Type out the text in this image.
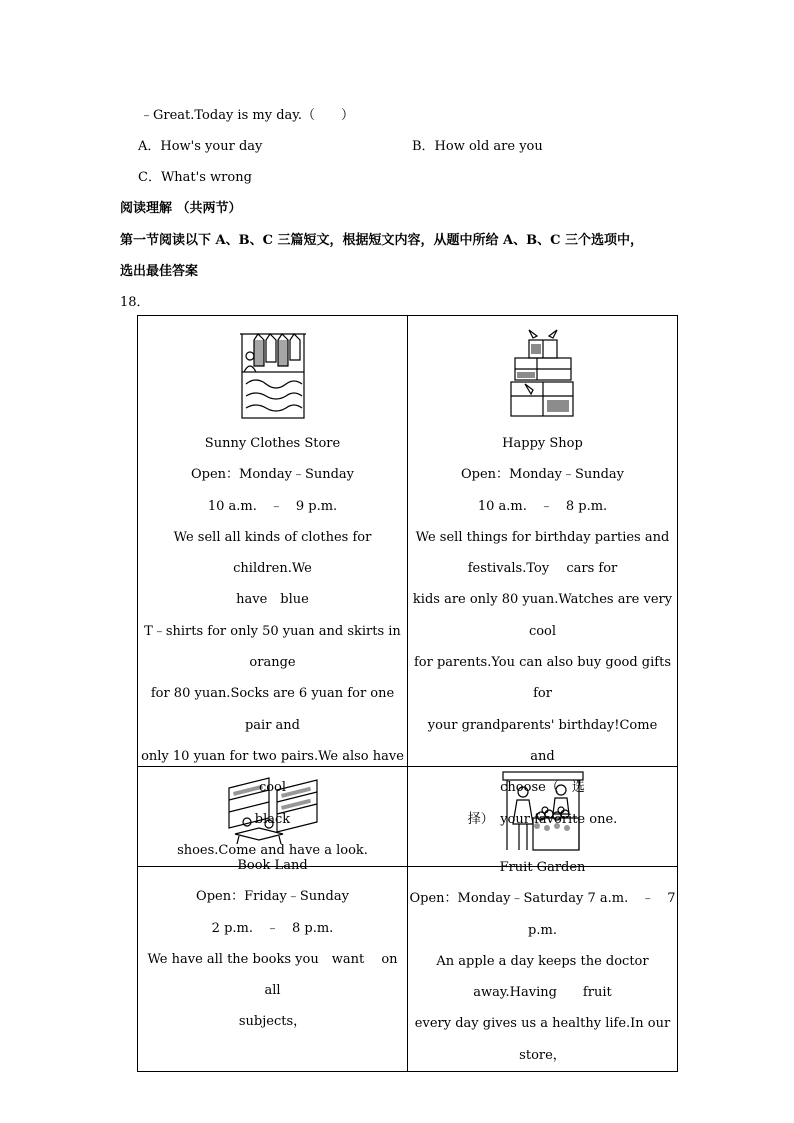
﹣Great.Today is my day.（　　）
A．How's your day	B．How old are you
C．What's wrong
阅读理解 （共两节）
第一节阅读以下 A、B、C 三篇短文，根据短文内容，从题中所给 A、B、C 三个选项中，
选出最佳答案
18．

Sunny Clothes Store

Open：Monday﹣Sunday

10 a.m.　﹣　9 p.m.

We sell all kinds of clothes for　 children.We

have　blue

T﹣shirts for only 50 yuan and skirts in orange

for 80 yuan.Socks are 6 yuan for one pair and

only 10 yuan for two pairs.We also have cool

black

shoes.Come and have a look.

Happy Shop

Open：Monday﹣Sunday

10 a.m.　﹣　8 p.m.

We sell things for birthday parties and

festivals.Toy　 cars for

kids are only 80 yuan.Watches are very cool

for parents.You can also buy good gifts for

your grandparents' birthday!Come　 and

choose（　选

择）　your favorite one.

Book Land

Open：Friday﹣Sunday

2 p.m.　﹣　8 p.m.

We have all the books you　want　 on　 all

subjects，

Fruit Garden

Open：Monday﹣Saturday 7 a.m.　﹣　7 p.m.

An apple a day keeps the doctor

away.Having　　fruit

every day gives us a healthy life.In our store，
